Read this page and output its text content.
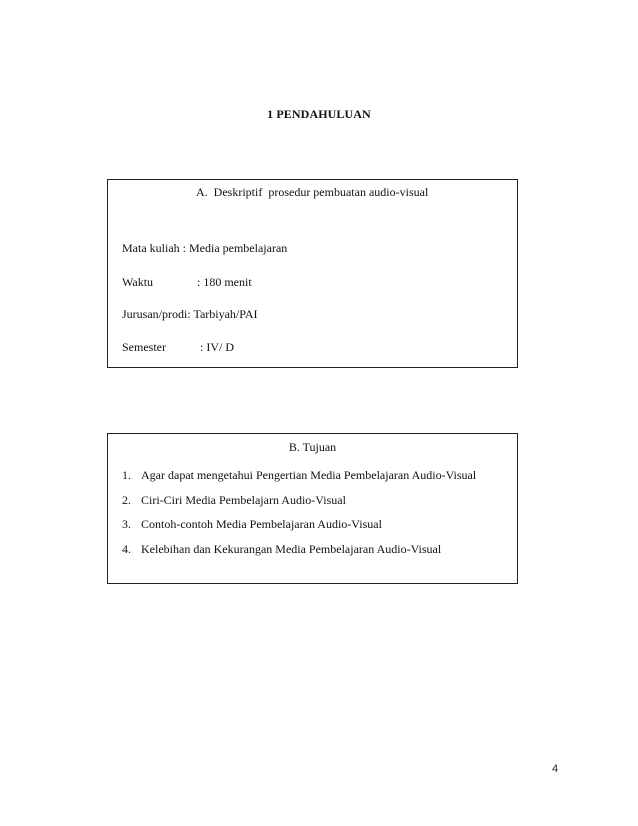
1 PENDAHULUAN
A.  Deskriptif  prosedur pembuatan audio-visual
Mata kuliah : Media pembelajaran
Waktu	: 180 menit
Jurusan/prodi: Tarbiyah/PAI
Semester	: IV/ D
B. Tujuan
1. Agar dapat mengetahui Pengertian Media Pembelajaran Audio-Visual
2. Ciri-Ciri Media Pembelajarn Audio-Visual
3. Contoh-contoh Media Pembelajaran Audio-Visual
4. Kelebihan dan Kekurangan Media Pembelajaran Audio-Visual
4
